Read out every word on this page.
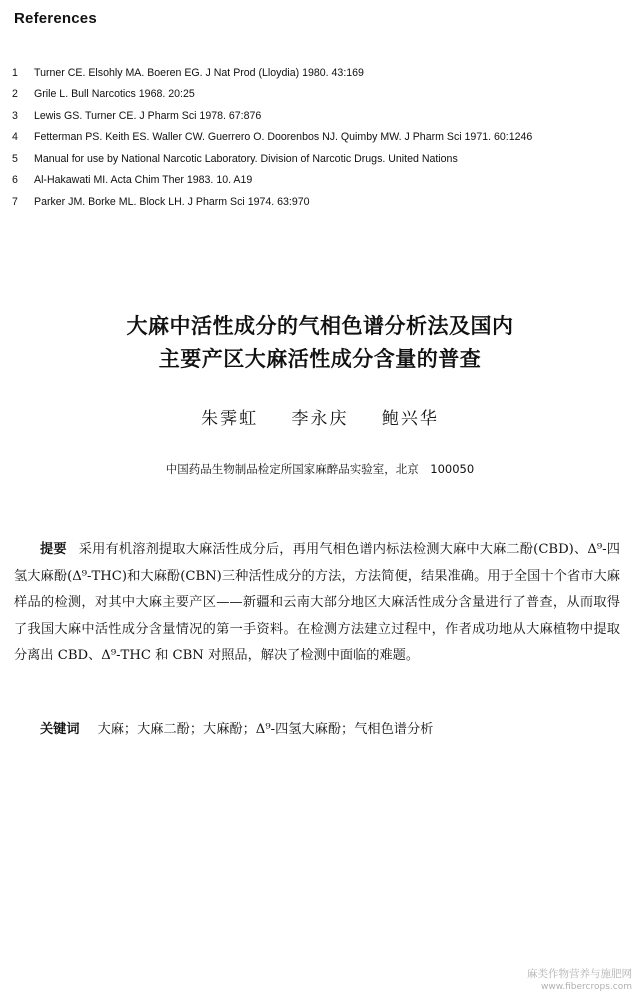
References
1	Turner CE. Elsohly MA. Boeren EG. J Nat Prod (Lloydia) 1980. 43:169
2	Grile L. Bull Narcotics 1968. 20:25
3	Lewis GS. Turner CE. J Pharm Sci 1978. 67:876
4	Fetterman PS. Keith ES. Waller CW. Guerrero O. Doorenbos NJ. Quimby MW. J Pharm Sci 1971. 60:1246
5	Manual for use by National Narcotic Laboratory. Division of Narcotic Drugs. United Nations
6	Al-Hakawati MI. Acta Chim Ther 1983. 10. A19
7	Parker JM. Borke ML. Block LH. J Pharm Sci 1974. 63:970
大麻中活性成分的气相色谱分析法及国内
主要产区大麻活性成分含量的普查
朱霁虹 李永庆 鲍兴华
中国药品生物制品检定所国家麻醉品实验室，北京　100050

提要 采用有机溶剂提取大麻活性成分后，再用气相色谱内标法检测大麻中大麻二酚(CBD)、Δ⁹-四氢大麻酚(Δ⁹-THC)和大麻酚(CBN)三种活性成分的方法，方法简便，结果准确。用于全国十个省市大麻样品的检测，对其中大麻主要产区——新疆和云南大部分地区大麻活性成分含量进行了普查，从而取得了我国大麻中活性成分含量情况的第一手资料。在检测方法建立过程中，作者成功地从大麻植物中提取分离出 CBD、Δ⁹-THC 和 CBN 对照品，解决了检测中面临的难题。

关键词 大麻；大麻二酚；大麻酚；Δ⁹-四氢大麻酚；气相色谱分析
麻类作物营养与施肥网
www.fibercrops.com
